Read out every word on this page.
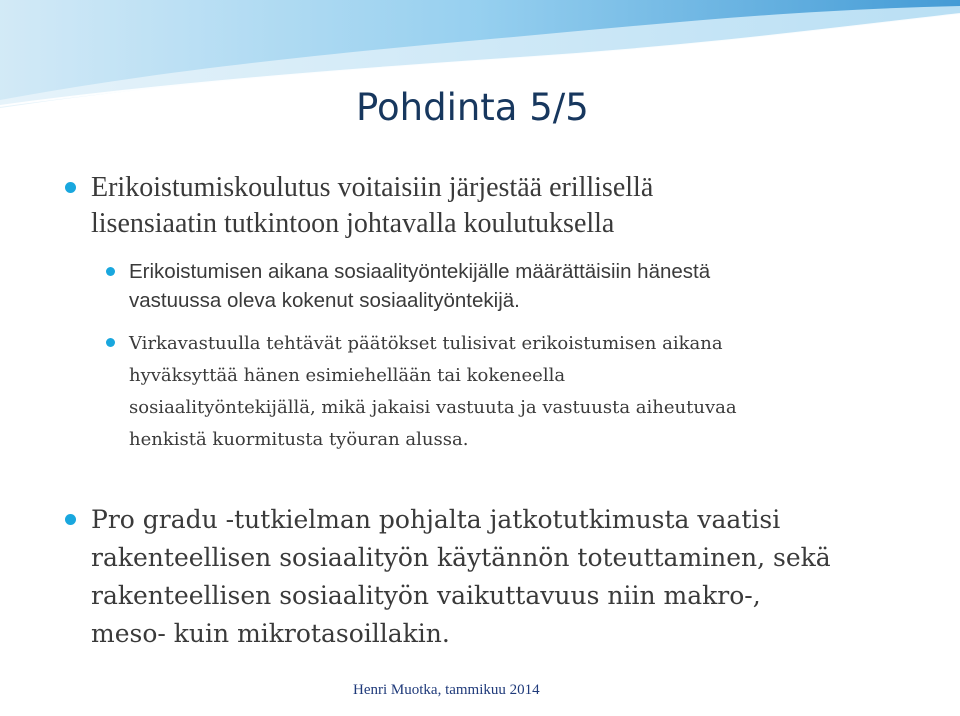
Pohdinta 5/5
Erikoistumiskoulutus voitaisiin järjestää erillisellä
lisensiaatin tutkintoon johtavalla koulutuksella
Erikoistumisen aikana sosiaalityöntekijälle määrättäisiin hänestä
vastuussa oleva kokenut sosiaalityöntekijä.
Virkavastuulla tehtävät päätökset tulisivat erikoistumisen aikana
hyväksyttää hänen esimiehellään tai kokeneella
sosiaalityöntekijällä, mikä jakaisi vastuuta ja vastuusta aiheutuvaa
henkistä kuormitusta työuran alussa.
Pro gradu -tutkielman pohjalta jatkotutkimusta vaatisi
rakenteellisen sosiaalityön käytännön toteuttaminen, sekä
rakenteellisen sosiaalityön vaikuttavuus niin makro-,
meso- kuin mikrotasoillakin.
Henri Muotka, tammikuu 2014
